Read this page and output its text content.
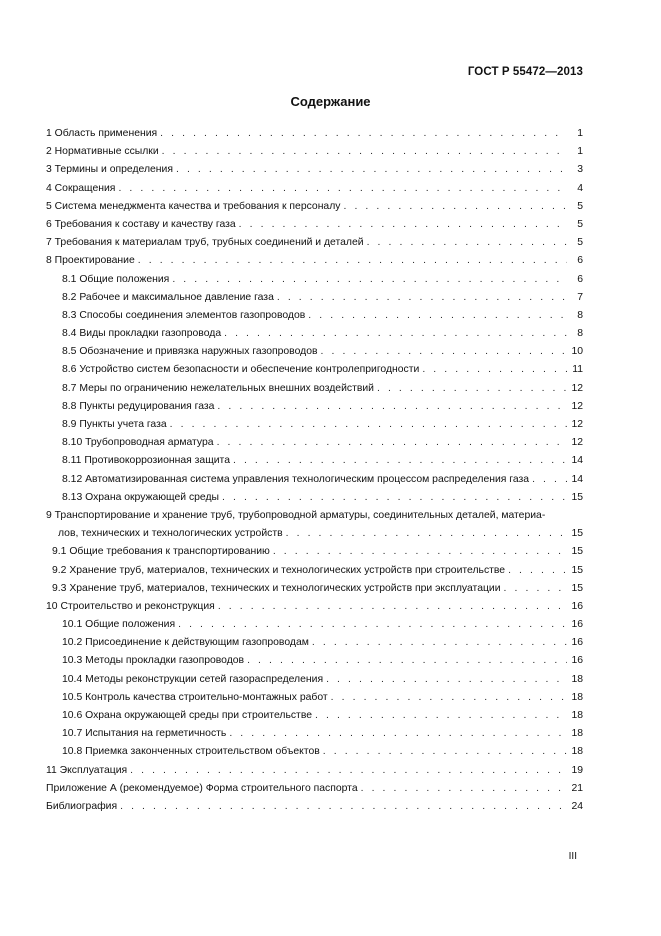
ГОСТ Р 55472—2013
Содержание
1 Область применения . . .	1
2 Нормативные ссылки . . .	1
3 Термины и определения . . .	3
4 Сокращения . . .	4
5 Система менеджмента качества и требования к персоналу . . .	5
6 Требования к составу и качеству газа . . .	5
7 Требования к материалам труб, трубных соединений и деталей . . .	5
8 Проектирование . . .	6
8.1 Общие положения . . .	6
8.2 Рабочее и максимальное давление газа . . .	7
8.3 Способы соединения элементов газопроводов . . .	8
8.4 Виды прокладки газопровода . . .	8
8.5 Обозначение и привязка наружных газопроводов . . .	10
8.6 Устройство систем безопасности и обеспечение контролепригодности . . .	11
8.7 Меры по ограничению нежелательных внешних воздействий . . .	12
8.8 Пункты редуцирования газа . . .	12
8.9 Пункты учета газа . . .	12
8.10 Трубопроводная арматура . . .	12
8.11 Противокоррозионная защита . . .	14
8.12 Автоматизированная система управления технологическим процессом распределения газа . . .	14
8.13 Охрана окружающей среды . . .	15
9 Транспортирование и хранение труб, трубопроводной арматуры, соединительных деталей, материа-
лов, технических и технологических устройств . . .	15
9.1 Общие требования к транспортированию . . .	15
9.2 Хранение труб, материалов, технических и технологических устройств при строительстве . . .	15
9.3 Хранение труб, материалов, технических и технологических устройств при эксплуатации . . .	15
10 Строительство и реконструкция . . .	16
10.1 Общие положения . . .	16
10.2 Присоединение к действующим газопроводам . . .	16
10.3 Методы прокладки газопроводов . . .	16
10.4 Методы реконструкции сетей газораспределения . . .	18
10.5 Контроль качества строительно-монтажных работ . . .	18
10.6 Охрана окружающей среды при строительстве . . .	18
10.7 Испытания на герметичность . . .	18
10.8 Приемка законченных строительством объектов . . .	18
11 Эксплуатация . . .	19
Приложение А (рекомендуемое) Форма строительного паспорта . . .	21
Библиография . . .	24
III
